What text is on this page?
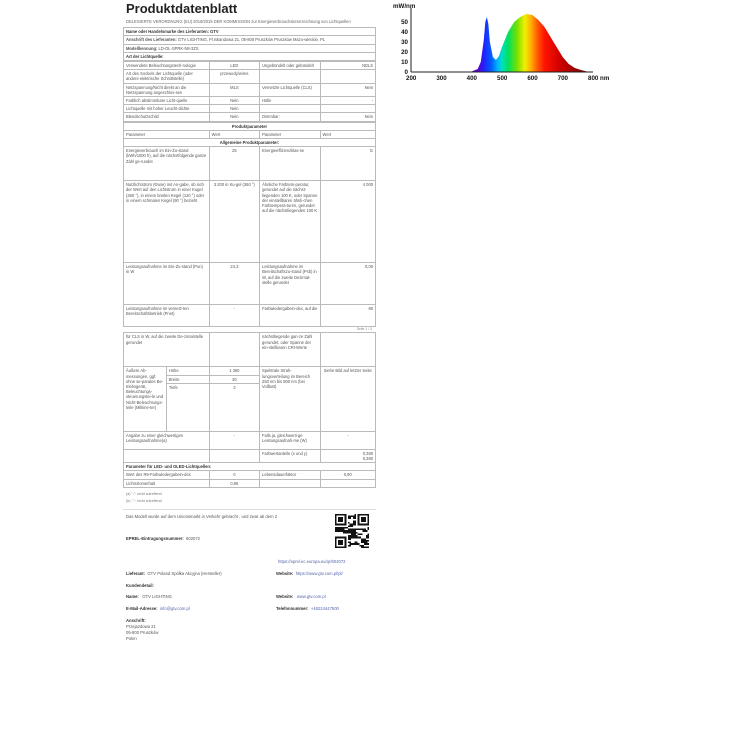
Produktdatenblatt
DELEGIERTE VERORDNUNG (EU) 2019/2015 DER KOMMISSION zur Energieverbrauchskennzeichnung von Lichtquellen
Name oder Handelsmarke des Lieferanten: GTV
Anschrift des Lieferanten: GTV LIGHTING, Pl.Iskandowa 21, 05-800 Pruszków Pruszków Mazo-wieckie, PL
Modellkennung: LD-OL-SPRK-N8-3ZS
Art der Lichtquelle:
Verwendete Beleuchtungstech-nologie	LED	Ungebündelt oder gebündelt	NDLS
Art des Sockels der Lichtquelle (oder andere elektrische Schnittstelle)	przewody/wires		
Netzspannung/Nicht direkt an die Netzspannung angeschlos-sen	MLS	Vernetzte Lichtquelle (CLS)	Nein
Farblich abstimmbare Licht-quelle	Nein	Hülle	-
Lichtquelle mit hoher Leucht-dichte	Nein		
Blendschutzschild	Nein	Dimmbar:	Nein
Produktparameter			
Parameter	Wert	Parameter	Wert
Allgemeine Produktparameter:			
Energieverbrauch im Ein-Zu-stand (kWh/1000 h), auf die nächstfolgende ganze Zahl ge-rundet	25	Energieeffizienzklas-se	E
Nutzlichtstrom (Φuse) mit An-gabe, ob sich der Wert auf den Lichtstrom in einer Kugel (360 °), in einem breiten Kegel (120 °) oder in einem schmalen Kegel (90 °) bezieht	3 200 in Ku-gel (360 °)	Ähnliche Farbtem-peratur, gerundet auf die nächst-liegenden 100 K, oder Spanne der einstellbaren ähnli-chen Farbtempera-turen, gerundet auf die nächstliegenden 100 K	4 000
Leistungsaufnahme im Ein-Zu-stand (Pon) in W	24,3	Leistungsaufnahme im Bereitschaftszu-stand (Psb) in W, auf die zweite Dezimal-stelle gerundet	0,00
Leistungsaufnahme im vernetz-ten Bereitschaftsbetrieb (Pnet)	-	Farbwiedergabein-dex, auf die	80
Seite 1 / 3
für CLS in W, auf die zweite De-zimalstelle gerundet			nächstliegende gan-ze Zahl gerundet, oder Spanne der ein-stellbaren CRI-Werte	
Äußere Ab-messungen, ggf. ohne se-parates Be-triebsgerät, Beleuchtungs-steuerungstei-le und Nicht-Beleuchtungs-teile (Millime-ter)	Höhe	1 360	Spektrale Strah-lungsverteilung im Bereich 250 nm bis 800 nm (bei Volllast)	Siehe Bild auf letzter Seite
	Breite	30		
	Tiefe	3		
Angabe zu einer gleichwertigen Leistungsaufnahme(a)		-	Falls ja, gleichwerti-ge Leistungsaufnah-me (W)	-
			Farbwertanteile (x und y)	0,380
0,380
Parameter für LED- und OLED-Lichtquellen:				
Wert des R9-Farbwiedergabein-dex		0	Lebensdauerfaktor	0,90
Lichtstromerhalt		0,96		
(a) "-": nicht zutreffend
(b) "-": nicht zutreffend
Das Modell wurde auf dem Unionsmarkt in Verkehr gebracht , und zwar ab dem 2
EPREL-Eintragungsnummer: 602072
https://eprel.ec.europa.eu/qr/602072
Lieferant: GTV Poland Spółka Akcyjna (Hersteller)	Website: https://www.gtv.com.pl/pl/
Kundendetail:
Name: GTV LIGHTING	Website: www.gtv.com.pl
E-Mail-Adresse: info@gtv.com.pl	Telefonnummer: +48224447500
Anschrift:
Przejazdowa 21
05-800 Pruszków
Polen
mW/nm
0
10
20
30
40
50
200	300	400	500	600	700	800 nm
